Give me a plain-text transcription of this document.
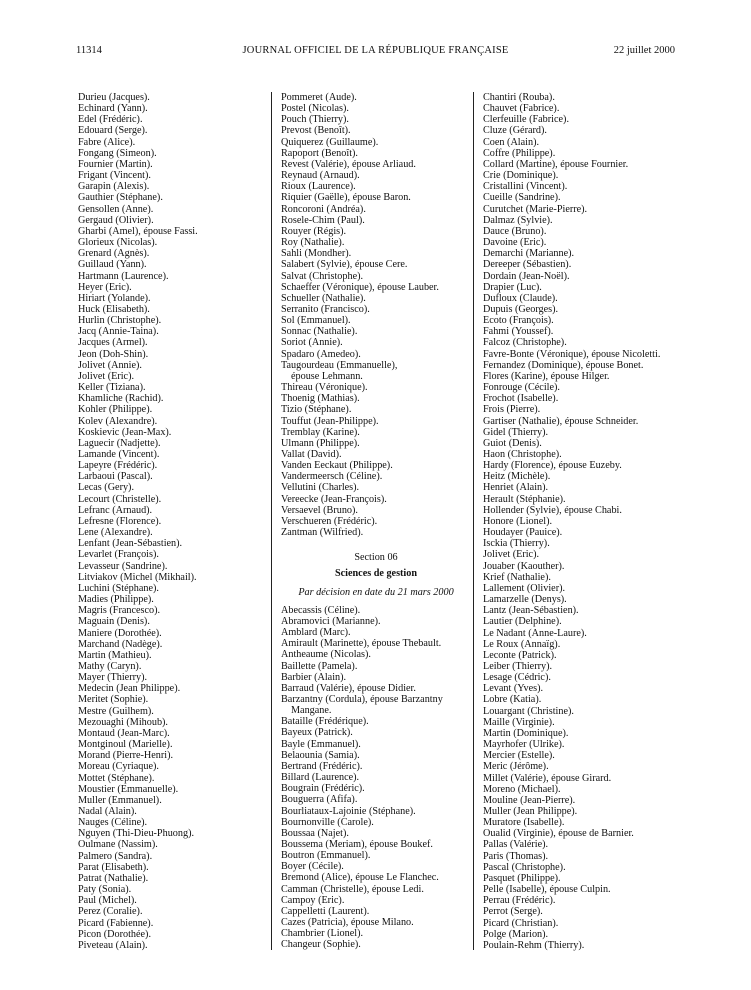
11314	JOURNAL OFFICIEL DE LA RÉPUBLIQUE FRANÇAISE	22 juillet 2000
Durieu (Jacques).
Echinard (Yann).
Edel (Frédéric).
Edouard (Serge).
Fabre (Alice).
Fongang (Simeon).
Fournier (Martin).
Frigant (Vincent).
Garapin (Alexis).
Gauthier (Stéphane).
Gensollen (Anne).
Gergaud (Olivier).
Gharbi (Amel), épouse Fassi.
Glorieux (Nicolas).
Grenard (Agnès).
Guillaud (Yann).
Hartmann (Laurence).
Heyer (Eric).
Hiriart (Yolande).
Huck (Elisabeth).
Hurlin (Christophe).
Jacq (Annie-Taina).
Jacques (Armel).
Jeon (Doh-Shin).
Jolivet (Annie).
Jolivet (Eric).
Keller (Tiziana).
Khamliche (Rachid).
Kohler (Philippe).
Kolev (Alexandre).
Koskievic (Jean-Max).
Laguecir (Nadjette).
Lamande (Vincent).
Lapeyre (Frédéric).
Larbaoui (Pascal).
Lecas (Gery).
Lecourt (Christelle).
Lefranc (Arnaud).
Lefresne (Florence).
Lene (Alexandre).
Lenfant (Jean-Sébastien).
Levarlet (François).
Levasseur (Sandrine).
Litviakov (Michel (Mikhail).
Luchini (Stéphane).
Madies (Philippe).
Magris (Francesco).
Maguain (Denis).
Maniere (Dorothée).
Marchand (Nadège).
Martin (Mathieu).
Mathy (Caryn).
Mayer (Thierry).
Medecin (Jean Philippe).
Meritet (Sophie).
Mestre (Guilhem).
Mezouaghi (Mihoub).
Montaud (Jean-Marc).
Montginoul (Marielle).
Morand (Pierre-Henri).
Moreau (Cyriaque).
Mottet (Stéphane).
Moustier (Emmanuelle).
Muller (Emmanuel).
Nadal (Alain).
Nauges (Céline).
Nguyen (Thi-Dieu-Phuong).
Oulmane (Nassim).
Palmero (Sandra).
Parat (Elisabeth).
Patrat (Nathalie).
Paty (Sonia).
Paul (Michel).
Perez (Coralie).
Picard (Fabienne).
Picon (Dorothée).
Piveteau (Alain).
Pommeret (Aude).
Postel (Nicolas).
Pouch (Thierry).
Prevost (Benoît).
Quiquerez (Guillaume).
Rapoport (Benoît).
Revest (Valérie), épouse Arliaud.
Reynaud (Arnaud).
Rioux (Laurence).
Riquier (Gaëlle), épouse Baron.
Roncoroni (Andréa).
Rosele-Chim (Paul).
Rouyer (Régis).
Roy (Nathalie).
Sahli (Mondher).
Salabert (Sylvie), épouse Cere.
Salvat (Christophe).
Schaeffer (Véronique), épouse Lauber.
Schueller (Nathalie).
Serranito (Francisco).
Sol (Emmanuel).
Sonnac (Nathalie).
Soriot (Annie).
Spadaro (Amedeo).
Taugourdeau (Emmanuelle),
épouse Lehmann.
Thireau (Véronique).
Thoenig (Mathias).
Tizio (Stéphane).
Touffut (Jean-Philippe).
Tremblay (Karine).
Ulmann (Philippe).
Vallat (David).
Vanden Eeckaut (Philippe).
Vandermeersch (Céline).
Vellutini (Charles).
Vereecke (Jean-François).
Versaevel (Bruno).
Verschueren (Frédéric).
Zantman (Wilfried).
Section 06
Sciences de gestion
Par décision en date du 21 mars 2000
Abecassis (Céline).
Abramovici (Marianne).
Amblard (Marc).
Amirault (Marinette), épouse Thebault.
Antheaume (Nicolas).
Baillette (Pamela).
Barbier (Alain).
Barraud (Valérie), épouse Didier.
Barzantny (Cordula), épouse Barzantny
Mangane.
Bataille (Frédérique).
Bayeux (Patrick).
Bayle (Emmanuel).
Belaounia (Samia).
Bertrand (Frédéric).
Billard (Laurence).
Bougrain (Frédéric).
Bouguerra (Afifa).
Bourliataux-Lajoinie (Stéphane).
Bournonville (Carole).
Boussaa (Najet).
Boussema (Meriam), épouse Boukef.
Boutron (Emmanuel).
Boyer (Cécile).
Bremond (Alice), épouse Le Flanchec.
Camman (Christelle), épouse Ledi.
Campoy (Eric).
Cappelletti (Laurent).
Cazes (Patricia), épouse Milano.
Chambrier (Lionel).
Changeur (Sophie).
Chantiri (Rouba).
Chauvet (Fabrice).
Clerfeuille (Fabrice).
Cluze (Gérard).
Coen (Alain).
Coffre (Philippe).
Collard (Martine), épouse Fournier.
Crie (Dominique).
Cristallini (Vincent).
Cueille (Sandrine).
Curutchet (Marie-Pierre).
Dalmaz (Sylvie).
Dauce (Bruno).
Davoine (Eric).
Demarchi (Marianne).
Dereeper (Sébastien).
Dordain (Jean-Noël).
Drapier (Luc).
Dufloux (Claude).
Dupuis (Georges).
Ecoto (François).
Fahmi (Youssef).
Falcoz (Christophe).
Favre-Bonte (Véronique), épouse Nicoletti.
Fernandez (Dominique), épouse Bonet.
Flores (Karine), épouse Hilger.
Fonrouge (Cécile).
Frochot (Isabelle).
Frois (Pierre).
Gartiser (Nathalie), épouse Schneider.
Gidel (Thierry).
Guiot (Denis).
Haon (Christophe).
Hardy (Florence), épouse Euzeby.
Heitz (Michèle).
Henriet (Alain).
Herault (Stéphanie).
Hollender (Sylvie), épouse Chabi.
Honore (Lionel).
Houdayer (Pauice).
Isckia (Thierry).
Jolivet (Eric).
Jouaber (Kaouther).
Krief (Nathalie).
Lallement (Olivier).
Lamarzelle (Denys).
Lantz (Jean-Sébastien).
Lautier (Delphine).
Le Nadant (Anne-Laure).
Le Roux (Annaïg).
Leconte (Patrick).
Leiber (Thierry).
Lesage (Cédric).
Levant (Yves).
Lobre (Katia).
Louargant (Christine).
Maille (Virginie).
Martin (Dominique).
Mayrhofer (Ulrike).
Mercier (Estelle).
Meric (Jérôme).
Millet (Valérie), épouse Girard.
Moreno (Michael).
Mouline (Jean-Pierre).
Muller (Jean Philippe).
Muratore (Isabelle).
Oualid (Virginie), épouse de Barnier.
Pallas (Valérie).
Paris (Thomas).
Pascal (Christophe).
Pasquet (Philippe).
Pelle (Isabelle), épouse Culpin.
Perrau (Frédéric).
Perrot (Serge).
Picard (Christian).
Polge (Marion).
Poulain-Rehm (Thierry).
